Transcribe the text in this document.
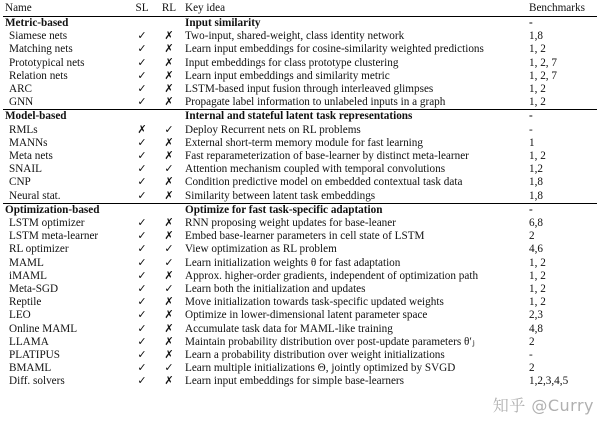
Name	SL	RL	Key idea	Benchmarks
Metric-based			Input similarity	-
Siamese nets	✓	✗	Two-input, shared-weight, class identity network	1,8
Matching nets	✓	✗	Learn input embeddings for cosine-similarity weighted predictions	1, 2
Prototypical nets	✓	✗	Input embeddings for class prototype clustering	1, 2, 7
Relation nets	✓	✗	Learn input embeddings and similarity metric	1, 2, 7
ARC	✓	✗	LSTM-based input fusion through interleaved glimpses	1, 2
GNN	✓	✗	Propagate label information to unlabeled inputs in a graph	1, 2
Model-based			Internal and stateful latent task representations	-
RMLs	✗	✓	Deploy Recurrent nets on RL problems	-
MANNs	✓	✗	External short-term memory module for fast learning	1
Meta nets	✓	✗	Fast reparameterization of base-learner by distinct meta-learner	1, 2
SNAIL	✓	✓	Attention mechanism coupled with temporal convolutions	1,2
CNP	✓	✗	Condition predictive model on embedded contextual task data	1,8
Neural stat.	✓	✗	Similarity between latent task embeddings	1,8
Optimization-based			Optimize for fast task-specific adaptation	-
LSTM optimizer	✓	✗	RNN proposing weight updates for base-leaner	6,8
LSTM meta-learner	✓	✗	Embed base-learner parameters in cell state of LSTM	2
RL optimizer	✓	✓	View optimization as RL problem	4,6
MAML	✓	✓	Learn initialization weights θ for fast adaptation	1, 2
iMAML	✓	✗	Approx. higher-order gradients, independent of optimization path	1, 2
Meta-SGD	✓	✓	Learn both the initialization and updates	1, 2
Reptile	✓	✗	Move initialization towards task-specific updated weights	1, 2
LEO	✓	✗	Optimize in lower-dimensional latent parameter space	2,3
Online MAML	✓	✗	Accumulate task data for MAML-like training	4,8
LLAMA	✓	✗	Maintain probability distribution over post-update parameters θ′ⱼ	2
PLATIPUS	✓	✗	Learn a probability distribution over weight initializations	-
BMAML	✓	✓	Learn multiple initializations Θ, jointly optimized by SVGD	2
Diff. solvers	✓	✗	Learn input embeddings for simple base-learners	1,2,3,4,5
知乎 @Curry
